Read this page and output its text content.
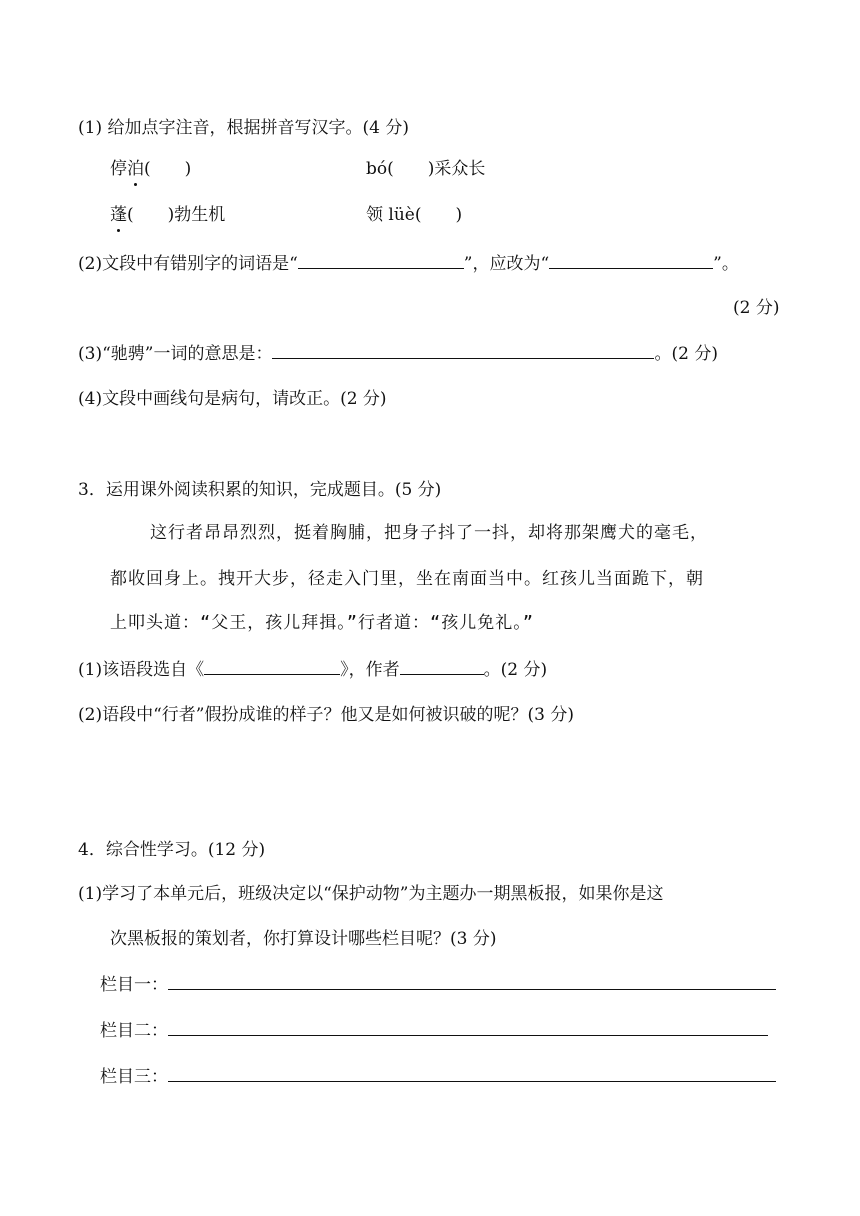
(1) 给加点字注音，根据拼音写汉字。(4 分)
停泊(　　)	bó(　　)采众长
蓬(　　)勃生机	领 lüè(　　)
(2)文段中有错别字的词语是“	”，应改为“	”。
(2 分)
(3)“驰骋”一词的意思是：	。(2 分)
(4)文段中画线句是病句，请改正。(2 分)
3．运用课外阅读积累的知识，完成题目。(5 分)
这行者昂昂烈烈，挺着胸脯，把身子抖了一抖，却将那架鹰犬的毫毛，
都收回身上。拽开大步，径走入门里，坐在南面当中。红孩儿当面跪下，朝
上叩头道：“父王，孩儿拜揖。”行者道：“孩儿免礼。”
(1)该语段选自《	》，作者	。(2 分)
(2)语段中“行者”假扮成谁的样子？他又是如何被识破的呢？(3 分)
4．综合性学习。(12 分)
(1)学习了本单元后，班级决定以“保护动物”为主题办一期黑板报，如果你是这
次黑板报的策划者，你打算设计哪些栏目呢？(3 分)
栏目一：
栏目二：
栏目三：
